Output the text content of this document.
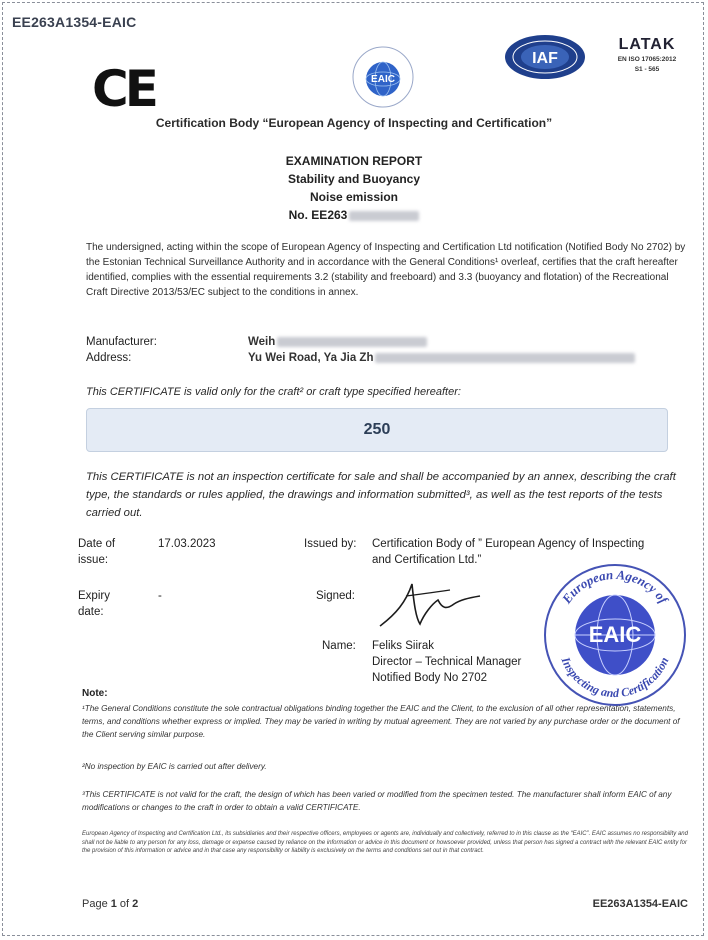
EE263A1354-EAIC
CE	EAIC
IAF
LATAK
EN ISO 17065:2012
S1 - 565
Certification Body “European Agency of Inspecting and Certification”
EXAMINATION REPORT
Stability and Buoyancy
Noise emission
No. EE263
The undersigned, acting within the scope of European Agency of Inspecting and Certification Ltd notification (Notified Body No 2702) by the Estonian Technical Surveillance Authority and in accordance with the General Conditions¹ overleaf, certifies that the craft hereafter identified, complies with the essential requirements 3.2 (stability and freeboard) and 3.3 (buoyancy and flotation) of the Recreational Craft Directive 2013/53/EC subject to the conditions in annex.
Manufacturer:	Weih
Address:	Yu Wei Road, Ya Jia Zh
This CERTIFICATE is valid only for the craft² or craft type specified hereafter:
250
This CERTIFICATE is not an inspection certificate for sale and shall be accompanied by an annex, describing the craft type, the standards or rules applied, the drawings and information submitted³, as well as the test reports of the tests carried out.
Date of
issue:
17.03.2023
Expiry
date:
-
Issued by: Certification Body of ” European Agency of Inspecting
and Certification Ltd.”
Signed:
Name: Feliks Siirak
Director – Technical Manager
Notified Body No 2702
European Agency of
Inspecting and Certification
EAIC
Note:
¹The General Conditions constitute the sole contractual obligations binding together the EAIC and the Client, to the exclusion of all other representation, statements, terms, and conditions whether express or implied. They may be varied in writing by mutual agreement. They are not varied by any purchase order or the document of the Client serving similar purpose.
²No inspection by EAIC is carried out after delivery.
³This CERTIFICATE is not valid for the craft, the design of which has been varied or modified from the specimen tested. The manufacturer shall inform EAIC of any modifications or changes to the craft in order to obtain a valid CERTIFICATE.
European Agency of Inspecting and Certification Ltd., its subsidiaries and their respective officers, employees or agents are, individually and collectively, referred to in this clause as the “EAIC”. EAIC assumes no responsibility and shall not be liable to any person for any loss, damage or expense caused by reliance on the information or advice in this document or howsoever provided, unless that person has signed a contract with the relevant EAIC entity for the provision of this information or advice and in that case any responsibility or liability is exclusively on the terms and conditions set out in that contract.
Page 1 of 2	EE263A1354-EAIC
